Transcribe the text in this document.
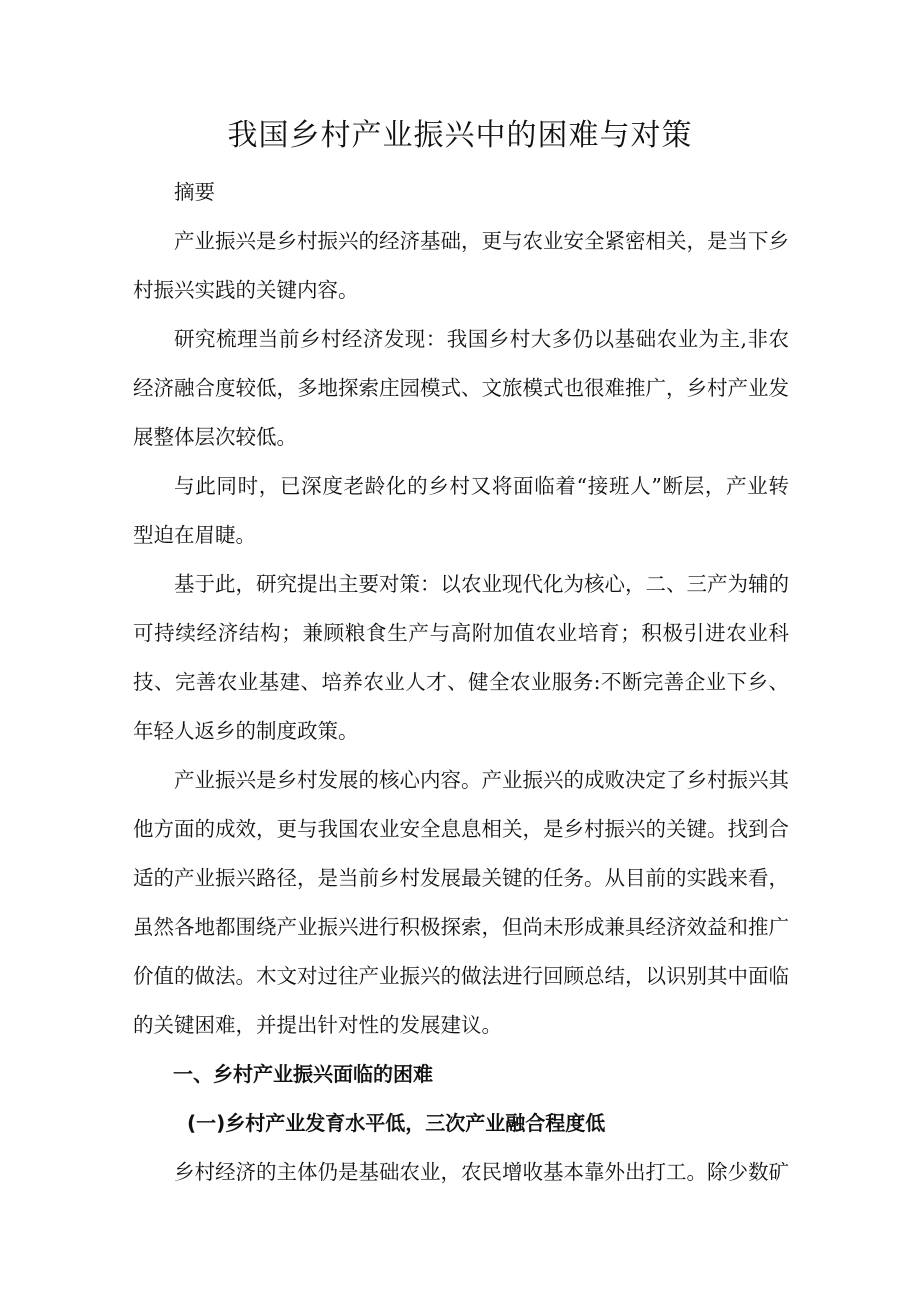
我国乡村产业振兴中的困难与对策

摘要

产业振兴是乡村振兴的经济基础，更与农业安全紧密相关，是当下乡村振兴实践的关键内容。

研究梳理当前乡村经济发现：我国乡村大多仍以基础农业为主,非农经济融合度较低，多地探索庄园模式、文旅模式也很难推广，乡村产业发展整体层次较低。

与此同时，已深度老龄化的乡村又将面临着“接班人”断层，产业转型迫在眉睫。

基于此，研究提出主要对策：以农业现代化为核心，二、三产为辅的可持续经济结构；兼顾粮食生产与高附加值农业培育；积极引进农业科技、完善农业基建、培养农业人才、健全农业服务:不断完善企业下乡、年轻人返乡的制度政策。

产业振兴是乡村发展的核心内容。产业振兴的成败决定了乡村振兴其他方面的成效，更与我国农业安全息息相关，是乡村振兴的关键。找到合适的产业振兴路径，是当前乡村发展最关键的任务。从目前的实践来看，虽然各地都围绕产业振兴进行积极探索，但尚未形成兼具经济效益和推广价值的做法。木文对过往产业振兴的做法进行回顾总结，以识别其中面临的关键困难，并提出针对性的发展建议。

一、乡村产业振兴面临的困难

(一)乡村产业发育水平低，三次产业融合程度低

乡村经济的主体仍是基础农业，农民增收基本靠外出打工。除少数矿
